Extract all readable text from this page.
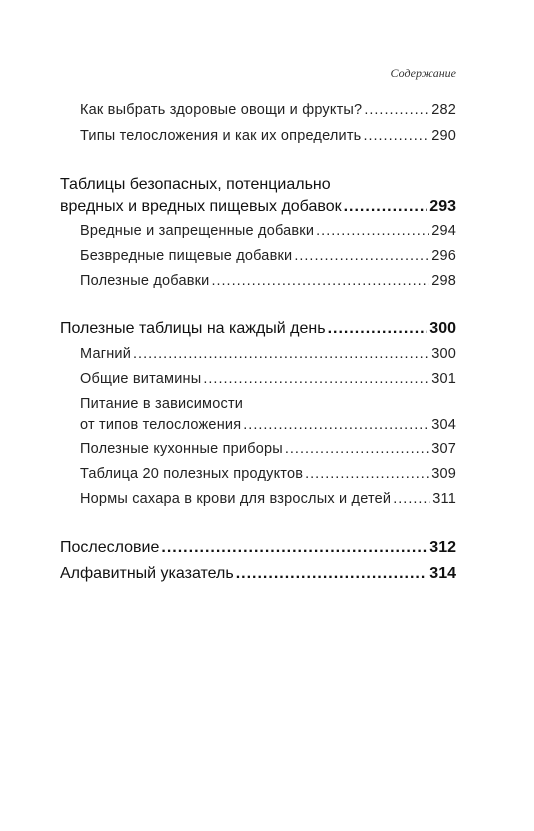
Содержание
Как выбрать здоровые овощи и фрукты? .....	282
Типы телосложения и как их определить .....	290
Таблицы безопасных, потенциально
вредных и вредных пищевых добавок .....	293
Вредные и запрещенные добавки .....	294
Безвредные пищевые добавки .....	296
Полезные добавки .....	298
Полезные таблицы на каждый день .....	300
Магний .....	300
Общие витамины .....	301
Питание в зависимости
от типов телосложения .....	304
Полезные кухонные приборы .....	307
Таблица 20 полезных продуктов .....	309
Нормы сахара в крови для взрослых и детей .....	311
Послесловие .....	312
Алфавитный указатель .....	314
